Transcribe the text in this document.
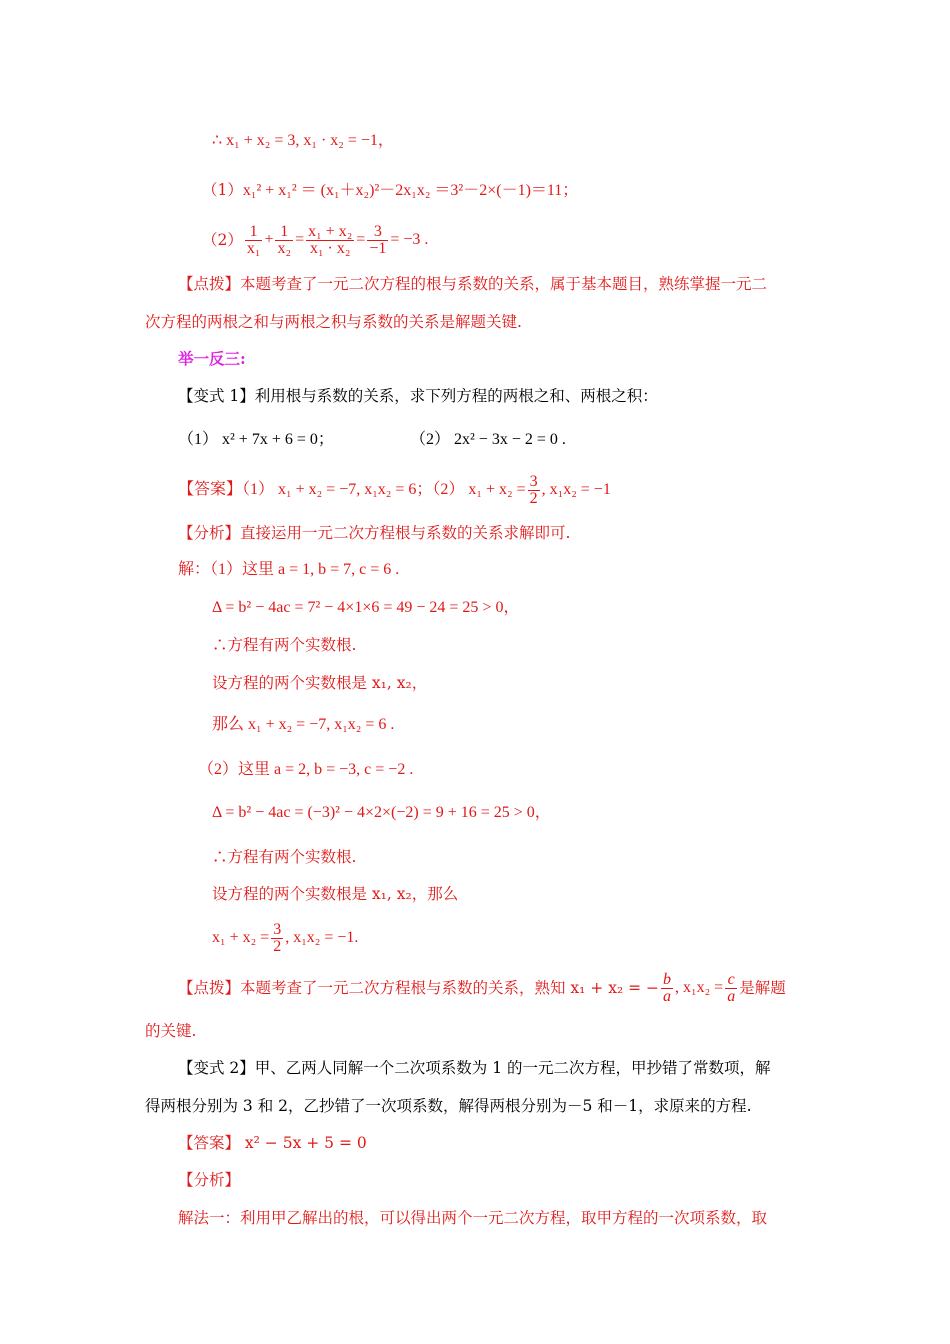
∴ x₁ + x₂ = 3, x₁ · x₂ = −1，
（1）x₁² + x₁² ＝ (x₁＋x₂)²－2x₁x₂ ＝3²－2×(－1)＝11；
$(2) \frac{1}{\text{x₁}} + \frac{1}{\text{x₂}} = \frac{\text{x₁ + x₂}}{\text{x₁ · x₂}} = \frac{3}{-1} = -3$ .
【点拨】本题考查了一元二次方程的根与系数的关系，属于基本题目，熟练掌握一元二
次方程的两根之和与两根之积与系数的关系是解题关键.
举一反三:
【变式 1】利用根与系数的关系，求下列方程的两根之和、两根之积：
（1） x² + 7x + 6 = 0；	（2） 2x² − 3x − 2 = 0 .
【答案】（1） x₁ + x₂ = −7, x₁x₂ = 6；（2） $x_1 + x_2 = \frac{3}{2}$ , x₁x₂ = −1
【分析】直接运用一元二次方程根与系数的关系求解即可.
解：（1）这里 a = 1, b = 7, c = 6 .
Δ = b² − 4ac = 7² − 4×1×6 = 49 − 24 = 25 > 0，
∴方程有两个实数根.
设方程的两个实数根是 x₁, x₂，
那么 x₁ + x₂ = −7, x₁x₂ = 6 .
（2）这里 a = 2, b = −3, c = −2 .
Δ = b² − 4ac = (−3)² − 4×2×(−2) = 9 + 16 = 25 > 0，
∴方程有两个实数根.
设方程的两个实数根是 x₁, x₂，那么
$x_1 + x_2 = \frac{3}{2}$ , x₁x₂ = −1.
【点拨】本题考查了一元二次方程根与系数的关系，熟知 x₁ + x₂ = − $\frac{b}{a}$ , $x_1x_2 = \frac{c}{a}$ 是解题
的关键.
【变式 2】甲、乙两人同解一个二次项系数为 1 的一元二次方程，甲抄错了常数项，解
得两根分别为 3 和 2，乙抄错了一次项系数，解得两根分别为－5 和－1，求原来的方程.
【答案】 x² − 5x + 5 = 0
【分析】
解法一：利用甲乙解出的根，可以得出两个一元二次方程，取甲方程的一次项系数，取
